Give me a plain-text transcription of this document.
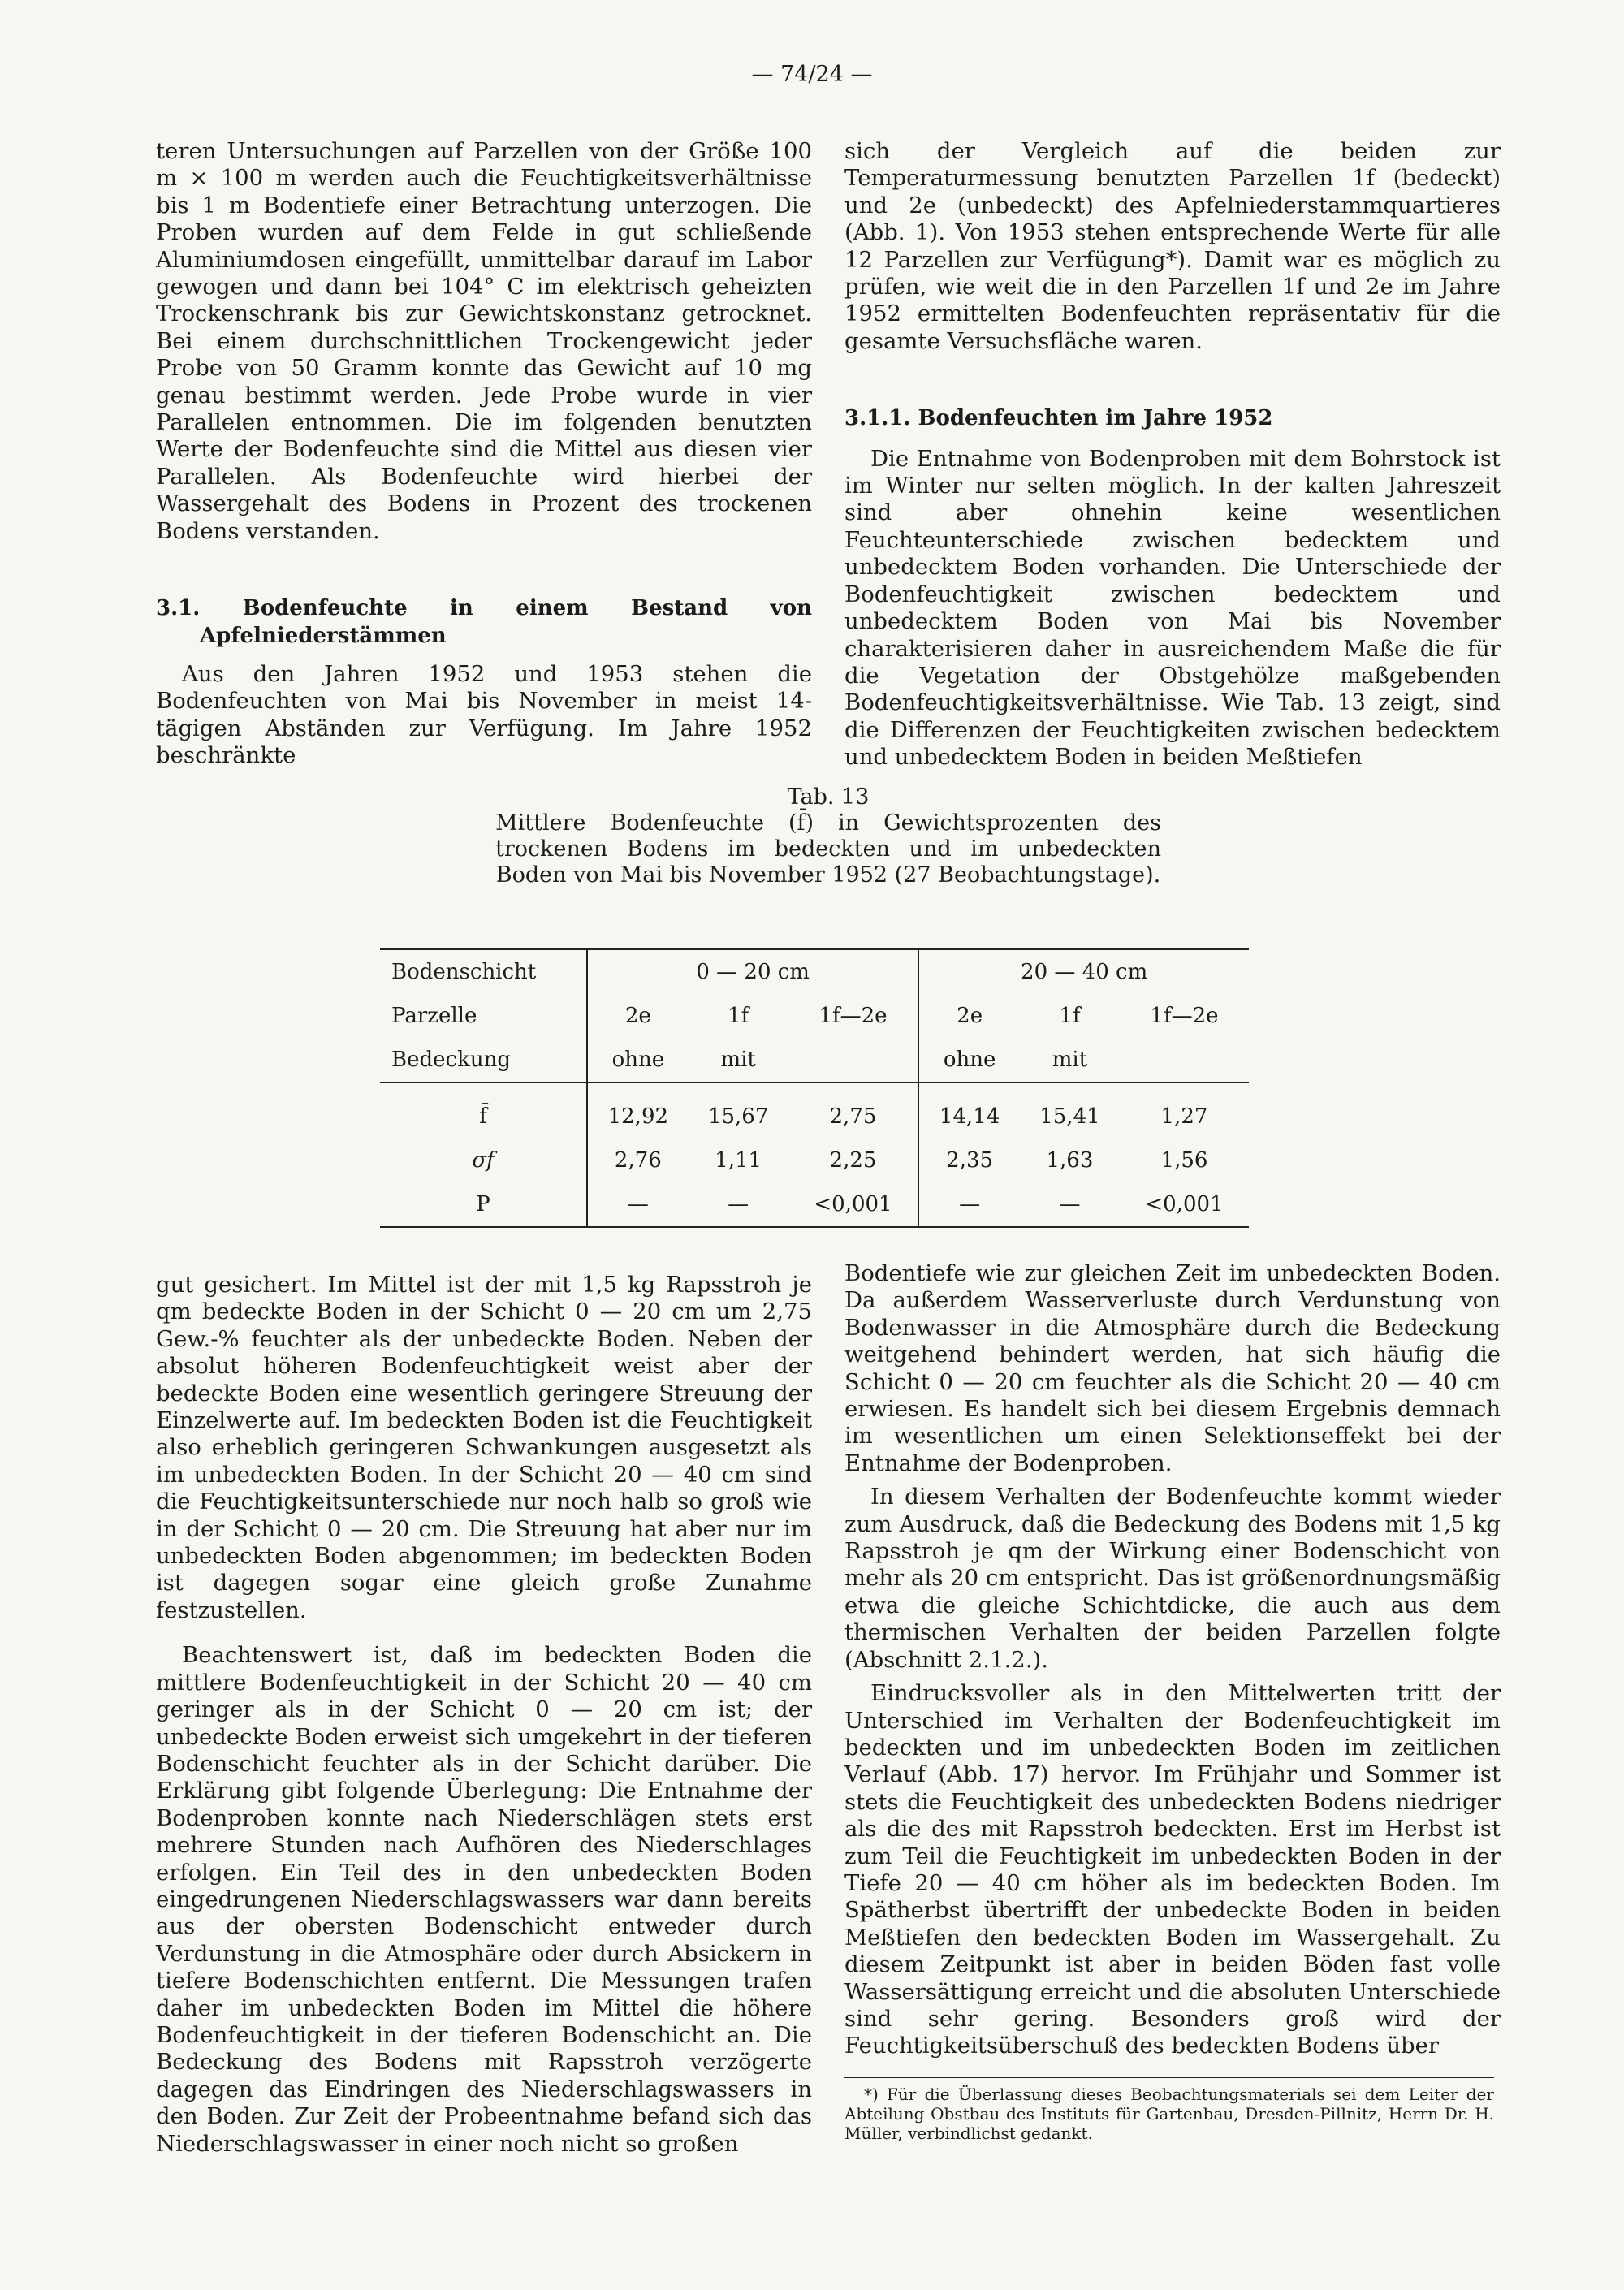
— 74/24 —

teren Untersuchungen auf Parzellen von der Größe 100 m × 100 m werden auch die Feuchtigkeitsverhältnisse bis 1 m Bodentiefe einer Betrachtung unterzogen. Die Proben wurden auf dem Felde in gut schließende Aluminiumdosen eingefüllt, unmittelbar darauf im Labor gewogen und dann bei 104° C im elektrisch geheizten Trockenschrank bis zur Gewichtskonstanz getrocknet. Bei einem durchschnittlichen Trockengewicht jeder Probe von 50 Gramm konnte das Gewicht auf 10 mg genau bestimmt werden. Jede Probe wurde in vier Parallelen entnommen. Die im folgenden benutzten Werte der Bodenfeuchte sind die Mittel aus diesen vier Parallelen. Als Bodenfeuchte wird hierbei der Wassergehalt des Bodens in Prozent des trockenen Bodens verstanden.

3.1. Bodenfeuchte in einem Bestand von Apfelniederstämmen

Aus den Jahren 1952 und 1953 stehen die Bodenfeuchten von Mai bis November in meist 14-tägigen Abständen zur Verfügung. Im Jahre 1952 beschränkte

sich der Vergleich auf die beiden zur Temperaturmessung benutzten Parzellen 1f (bedeckt) und 2e (unbedeckt) des Apfelniederstammquartieres (Abb. 1). Von 1953 stehen entsprechende Werte für alle 12 Parzellen zur Verfügung*). Damit war es möglich zu prüfen, wie weit die in den Parzellen 1f und 2e im Jahre 1952 ermittelten Bodenfeuchten repräsentativ für die gesamte Versuchsfläche waren.

3.1.1. Bodenfeuchten im Jahre 1952

Die Entnahme von Bodenproben mit dem Bohrstock ist im Winter nur selten möglich. In der kalten Jahreszeit sind aber ohnehin keine wesentlichen Feuchteunterschiede zwischen bedecktem und unbedecktem Boden vorhanden. Die Unterschiede der Bodenfeuchtigkeit zwischen bedecktem und unbedecktem Boden von Mai bis November charakterisieren daher in ausreichendem Maße die für die Vegetation der Obstgehölze maßgebenden Bodenfeuchtigkeitsverhältnisse. Wie Tab. 13 zeigt, sind die Differenzen der Feuchtigkeiten zwischen bedecktem und unbedecktem Boden in beiden Meßtiefen

Tab. 13
Mittlere Bodenfeuchte (f̄) in Gewichtsprozenten des trockenen Bodens im bedeckten und im unbedeckten Boden von Mai bis November 1952 (27 Beobachtungstage).
Bodenschicht	0 — 20 cm			20 — 40 cm		
Parzelle	2e	1f	1f—2e	2e	1f	1f—2e
Bedeckung	ohne	mit		ohne	mit	
f̄	12,92	15,67	2,75	14,14	15,41	1,27
σf	2,76	1,11	2,25	2,35	1,63	1,56
P	—	—	<0,001	—	—	<0,001

gut gesichert. Im Mittel ist der mit 1,5 kg Rapsstroh je qm bedeckte Boden in der Schicht 0 — 20 cm um 2,75 Gew.-% feuchter als der unbedeckte Boden. Neben der absolut höheren Bodenfeuchtigkeit weist aber der bedeckte Boden eine wesentlich geringere Streuung der Einzelwerte auf. Im bedeckten Boden ist die Feuchtigkeit also erheblich geringeren Schwankungen ausgesetzt als im unbedeckten Boden. In der Schicht 20 — 40 cm sind die Feuchtigkeitsunterschiede nur noch halb so groß wie in der Schicht 0 — 20 cm. Die Streuung hat aber nur im unbedeckten Boden abgenommen; im bedeckten Boden ist dagegen sogar eine gleich große Zunahme festzustellen.

Beachtenswert ist, daß im bedeckten Boden die mittlere Bodenfeuchtigkeit in der Schicht 20 — 40 cm geringer als in der Schicht 0 — 20 cm ist; der unbedeckte Boden erweist sich umgekehrt in der tieferen Bodenschicht feuchter als in der Schicht darüber. Die Erklärung gibt folgende Überlegung: Die Entnahme der Bodenproben konnte nach Niederschlägen stets erst mehrere Stunden nach Aufhören des Niederschlages erfolgen. Ein Teil des in den unbedeckten Boden eingedrungenen Niederschlagswassers war dann bereits aus der obersten Bodenschicht entweder durch Verdunstung in die Atmosphäre oder durch Absickern in tiefere Bodenschichten entfernt. Die Messungen trafen daher im unbedeckten Boden im Mittel die höhere Bodenfeuchtigkeit in der tieferen Bodenschicht an. Die Bedeckung des Bodens mit Rapsstroh verzögerte dagegen das Eindringen des Niederschlagswassers in den Boden. Zur Zeit der Probeentnahme befand sich das Niederschlagswasser in einer noch nicht so großen

Bodentiefe wie zur gleichen Zeit im unbedeckten Boden. Da außerdem Wasserverluste durch Verdunstung von Bodenwasser in die Atmosphäre durch die Bedeckung weitgehend behindert werden, hat sich häufig die Schicht 0 — 20 cm feuchter als die Schicht 20 — 40 cm erwiesen. Es handelt sich bei diesem Ergebnis demnach im wesentlichen um einen Selektionseffekt bei der Entnahme der Bodenproben.

In diesem Verhalten der Bodenfeuchte kommt wieder zum Ausdruck, daß die Bedeckung des Bodens mit 1,5 kg Rapsstroh je qm der Wirkung einer Bodenschicht von mehr als 20 cm entspricht. Das ist größenordnungsmäßig etwa die gleiche Schichtdicke, die auch aus dem thermischen Verhalten der beiden Parzellen folgte (Abschnitt 2.1.2.).

Eindrucksvoller als in den Mittelwerten tritt der Unterschied im Verhalten der Bodenfeuchtigkeit im bedeckten und im unbedeckten Boden im zeitlichen Verlauf (Abb. 17) hervor. Im Frühjahr und Sommer ist stets die Feuchtigkeit des unbedeckten Bodens niedriger als die des mit Rapsstroh bedeckten. Erst im Herbst ist zum Teil die Feuchtigkeit im unbedeckten Boden in der Tiefe 20 — 40 cm höher als im bedeckten Boden. Im Spätherbst übertrifft der unbedeckte Boden in beiden Meßtiefen den bedeckten Boden im Wassergehalt. Zu diesem Zeitpunkt ist aber in beiden Böden fast volle Wassersättigung erreicht und die absoluten Unterschiede sind sehr gering. Besonders groß wird der Feuchtigkeitsüberschuß des bedeckten Bodens über

*) Für die Überlassung dieses Beobachtungsmaterials sei dem Leiter der Abteilung Obstbau des Instituts für Gartenbau, Dresden-Pillnitz, Herrn Dr. H. Müller, verbindlichst gedankt.
